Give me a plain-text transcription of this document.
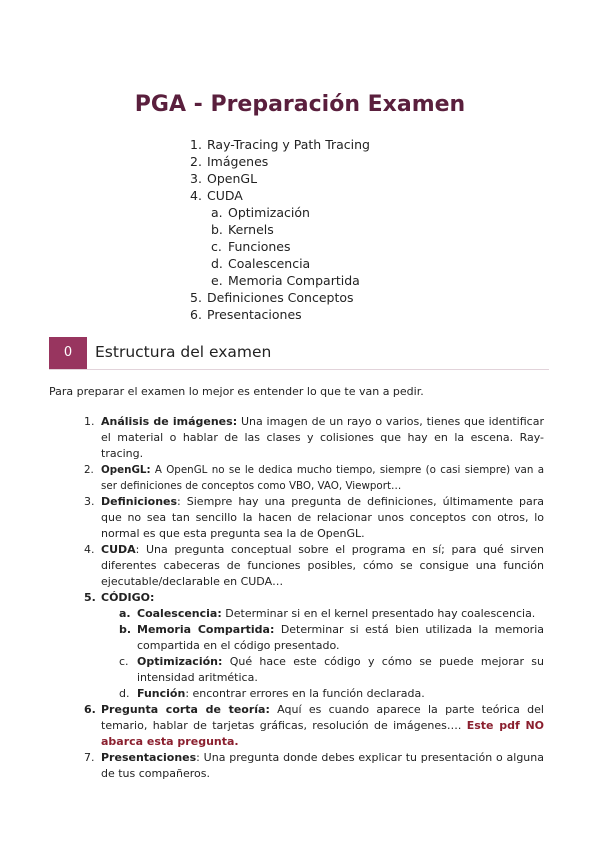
PGA - Preparación Examen
1. Ray-Tracing y Path Tracing
2. Imágenes
3. OpenGL
4. CUDA
a. Optimización
b. Kernels
c. Funciones
d. Coalescencia
e. Memoria Compartida
5. Definiciones Conceptos
6. Presentaciones
0	Estructura del examen
Para preparar el examen lo mejor es entender lo que te van a pedir.
1. Análisis de imágenes: Una imagen de un rayo o varios, tienes que identificar el material o hablar de las clases y colisiones que hay en la escena. Ray-tracing.
2. OpenGL: A OpenGL no se le dedica mucho tiempo, siempre (o casi siempre) van a ser definiciones de conceptos como VBO, VAO, Viewport…
3. Definiciones: Siempre hay una pregunta de definiciones, últimamente para que no sea tan sencillo la hacen de relacionar unos conceptos con otros, lo normal es que esta pregunta sea la de OpenGL.
4. CUDA: Una pregunta conceptual sobre el programa en sí; para qué sirven diferentes cabeceras de funciones posibles, cómo se consigue una función ejecutable/declarable en CUDA…
5. CÓDIGO:
a. Coalescencia: Determinar si en el kernel presentado hay coalescencia.
b. Memoria Compartida: Determinar si está bien utilizada la memoria compartida en el código presentado.
c. Optimización: Qué hace este código y cómo se puede mejorar su intensidad aritmética.
d. Función: encontrar errores en la función declarada.
6. Pregunta corta de teoría: Aquí es cuando aparece la parte teórica del temario, hablar de tarjetas gráficas, resolución de imágenes…. Este pdf NO abarca esta pregunta.
7. Presentaciones: Una pregunta donde debes explicar tu presentación o alguna de tus compañeros.
